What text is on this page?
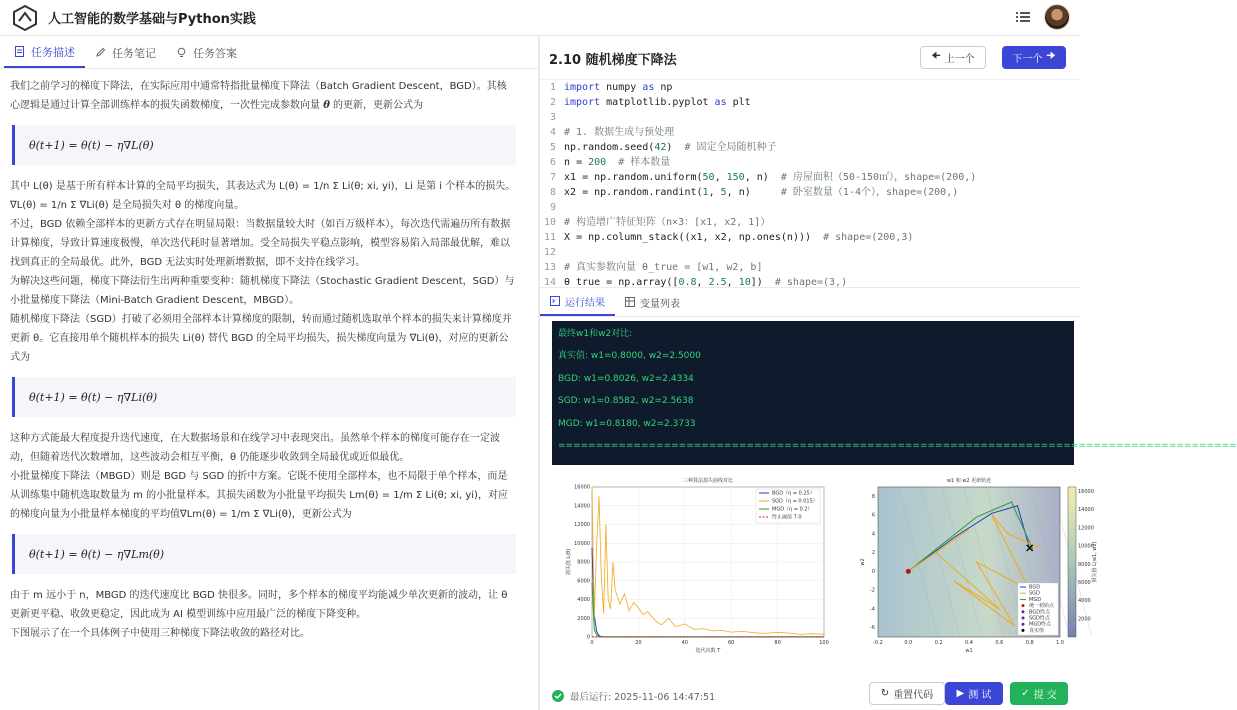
人工智能的数学基础与Python实践
任务描述	任务笔记	任务答案

我们之前学习的梯度下降法，在实际应用中通常特指批量梯度下降法（Batch Gradient Descent，BGD）。其核心逻辑是通过计算全部训练样本的损失函数梯度，一次性完成参数向量 θ 的更新，更新公式为

θ(t+1) = θ(t) − η∇L(θ)

其中 L(θ) 是基于所有样本计算的全局平均损失，其表达式为 L(θ) = 1/n Σ Li(θ; xi, yi)，Li 是第 i 个样本的损失。∇L(θ) = 1/n Σ ∇Li(θ) 是全局损失对 θ 的梯度向量。

不过，BGD 依赖全部样本的更新方式存在明显局限：当数据量较大时（如百万级样本），每次迭代需遍历所有数据计算梯度，导致计算速度极慢，单次迭代耗时显著增加。受全局损失平稳点影响，模型容易陷入局部最优解，难以找到真正的全局最优。此外，BGD 无法实时处理新增数据，即不支持在线学习。

为解决这些问题，梯度下降法衍生出两种重要变种：随机梯度下降法（Stochastic Gradient Descent，SGD）与小批量梯度下降法（Mini-Batch Gradient Descent，MBGD）。

随机梯度下降法（SGD）打破了必须用全部样本计算梯度的限制，转而通过随机选取单个样本的损失来计算梯度并更新 θ。它直接用单个随机样本的损失 Li(θ) 替代 BGD 的全局平均损失，损失梯度向量为 ∇Li(θ)，对应的更新公式为

θ(t+1) = θ(t) − η∇Li(θ)

这种方式能最大程度提升迭代速度，在大数据场景和在线学习中表现突出。虽然单个样本的梯度可能存在一定波动，但随着迭代次数增加，这些波动会相互平衡，θ 仍能逐步收敛到全局最优或近似最优。

小批量梯度下降法（MBGD）则是 BGD 与 SGD 的折中方案。它既不使用全部样本，也不局限于单个样本，而是从训练集中随机选取数量为 m 的小批量样本。其损失函数为小批量平均损失 Lm(θ) = 1/m Σ Li(θ; xi, yi)，对应的梯度向量为小批量样本梯度的平均值∇Lm(θ) = 1/m Σ ∇Li(θ)，更新公式为

θ(t+1) = θ(t) − η∇Lm(θ)

由于 m 远小于 n，MBGD 的迭代速度比 BGD 快很多。同时，多个样本的梯度平均能减少单次更新的波动，让 θ 更新更平稳、收敛更稳定，因此成为 AI 模型训练中应用最广泛的梯度下降变种。

下图展示了在一个具体例子中使用三种梯度下降法收敛的路径对比。

2.10 随机梯度下降法	🠈 上一个	下一个 🠊
1 import numpy as np
2 import matplotlib.pyplot as plt
3
4 # 1. 数据生成与预处理
5 np.random.seed(42) # 固定全局随机种子
6 n = 200 # 样本数量
7 x1 = np.random.uniform(50, 150, n) # 房屋面积（50-150㎡），shape=(200,)
8 x2 = np.random.randint(1, 5, n)	# 卧室数量（1-4个），shape=(200,)
9
10 # 构造增广特征矩阵（n×3：[x1, x2, 1]）
11 X = np.column_stack((x1, x2, np.ones(n))) # shape=(200,3)
12
13 # 真实参数向量 θ_true = [w1, w2, b]
14 θ_true = np.array([0.8, 2.5, 10]) # shape=(3,)
运行结果	变量列表
最终w1和w2对比:
真实值: w1=0.8000, w2=2.5000
BGD: w1=0.8026, w2=2.4334
SGD: w1=0.8582, w2=2.5638
MGD: w1=0.8180, w2=2.3733
==========================================================================================
0	20	40	60	80	100
0
2000
4000
6000
8000
10000
12000
14000
16000
三种算法损失曲线对比
迭代次数 T
损失值 L(θ)
BGD（η = 0.25）
SGD（η = 0.015）
MGD（η = 0.2）
终止阈值 7.0
-0.2	0.0	0.2	0.4	0.6	0.8	1.0
-6
-4
-2
0
2
4
6
8
w1 和 w2 更新轨迹
w1
w2
BGD
SGD
MGD
统一初始点
BGD终点
SGD终点
MGD终点
真实值
2000
4000
6000
8000
10000
12000
14000
16000
损失值 L(w1, w2)
最后运行: 2025-11-06 14:47:51	↻ 重置代码 ▶ 测 试	✓ 提 交
